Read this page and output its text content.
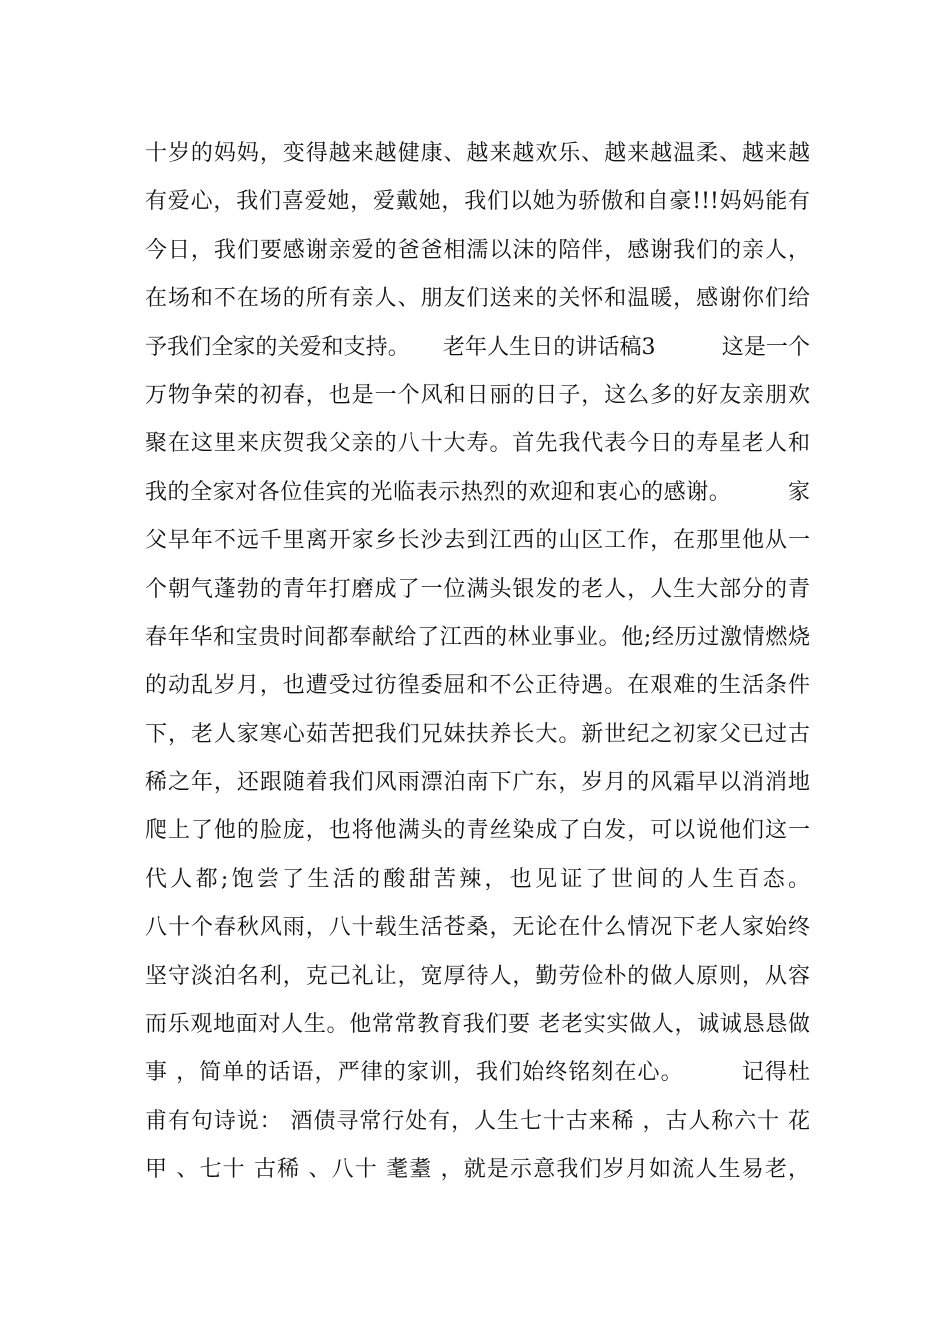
十岁的妈妈，变得越来越健康、越来越欢乐、越来越温柔、越来越
有爱心，我们喜爱她，爱戴她，我们以她为骄傲和自豪!!!妈妈能有
今日，我们要感谢亲爱的爸爸相濡以沫的陪伴，感谢我们的亲人，
在场和不在场的所有亲人、朋友们送来的关怀和温暖，感谢你们给
予我们全家的关爱和支持。　　老年人生日的讲话稿3　　　这是一个
万物争荣的初春，也是一个风和日丽的日子，这么多的好友亲朋欢
聚在这里来庆贺我父亲的八十大寿。首先我代表今日的寿星老人和
我的全家对各位佳宾的光临表示热烈的欢迎和衷心的感谢。　　　家
父早年不远千里离开家乡长沙去到江西的山区工作，在那里他从一
个朝气蓬勃的青年打磨成了一位满头银发的老人，人生大部分的青
春年华和宝贵时间都奉献给了江西的林业事业。他;经历过激情燃烧
的动乱岁月，也遭受过彷徨委屈和不公正待遇。在艰难的生活条件
下，老人家寒心茹苦把我们兄妹扶养长大。新世纪之初家父已过古
稀之年，还跟随着我们风雨漂泊南下广东，岁月的风霜早以消消地
爬上了他的脸庞，也将他满头的青丝染成了白发，可以说他们这一
代人都;饱尝了生活的酸甜苦辣，也见证了世间的人生百态。
八十个春秋风雨，八十载生活苍桑，无论在什么情况下老人家始终
坚守淡泊名利，克己礼让，宽厚待人，勤劳俭朴的做人原则，从容
而乐观地面对人生。他常常教育我们要 老老实实做人，诚诚恳恳做
事 ，简单的话语，严律的家训，我们始终铭刻在心。　　　记得杜
甫有句诗说： 酒债寻常行处有，人生七十古来稀 ，古人称六十 花
甲 、七十 古稀 、八十 耄耋 ，就是示意我们岁月如流人生易老，
